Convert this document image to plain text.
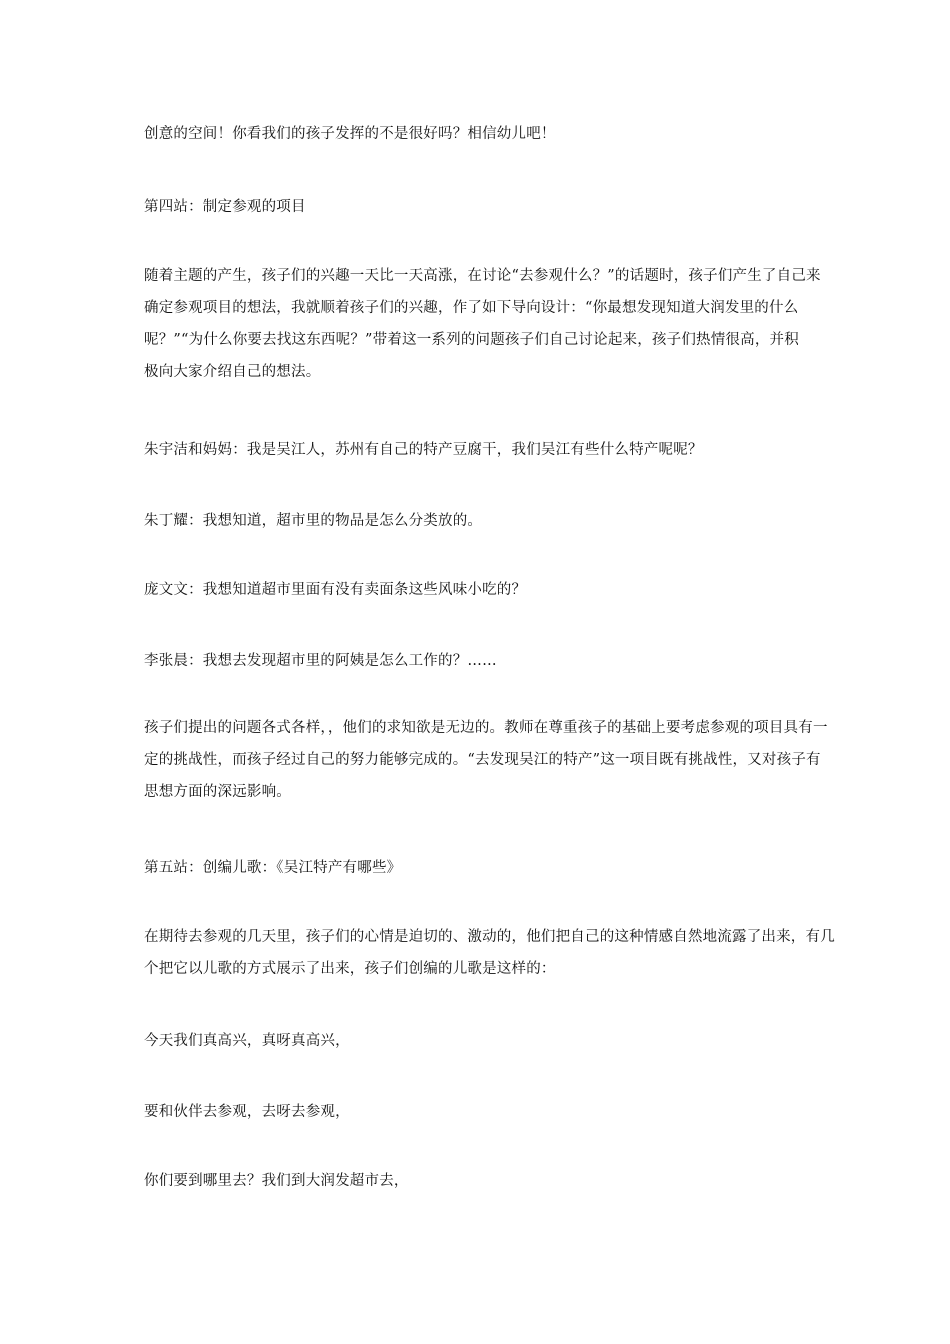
创意的空间！你看我们的孩子发挥的不是很好吗？相信幼儿吧！
第四站：制定参观的项目
随着主题的产生，孩子们的兴趣一天比一天高涨，在讨论“去参观什么？”的话题时，孩子们产生了自己来
确定参观项目的想法，我就顺着孩子们的兴趣，作了如下导向设计：“你最想发现知道大润发里的什么
呢？”“为什么你要去找这东西呢？”带着这一系列的问题孩子们自己讨论起来，孩子们热情很高，并积
极向大家介绍自己的想法。
朱宇洁和妈妈：我是吴江人，苏州有自己的特产豆腐干，我们吴江有些什么特产呢呢？
朱丁耀：我想知道，超市里的物品是怎么分类放的。
庞文文：我想知道超市里面有没有卖面条这些风味小吃的？
李张晨：我想去发现超市里的阿姨是怎么工作的？……
孩子们提出的问题各式各样，，他们的求知欲是无边的。教师在尊重孩子的基础上要考虑参观的项目具有一
定的挑战性，而孩子经过自己的努力能够完成的。“去发现吴江的特产”这一项目既有挑战性，又对孩子有
思想方面的深远影响。
第五站：创编儿歌：《吴江特产有哪些》
在期待去参观的几天里，孩子们的心情是迫切的、激动的，他们把自己的这种情感自然地流露了出来，有几
个把它以儿歌的方式展示了出来，孩子们创编的儿歌是这样的：
今天我们真高兴，真呀真高兴，
要和伙伴去参观，去呀去参观，
你们要到哪里去？我们到大润发超市去，
